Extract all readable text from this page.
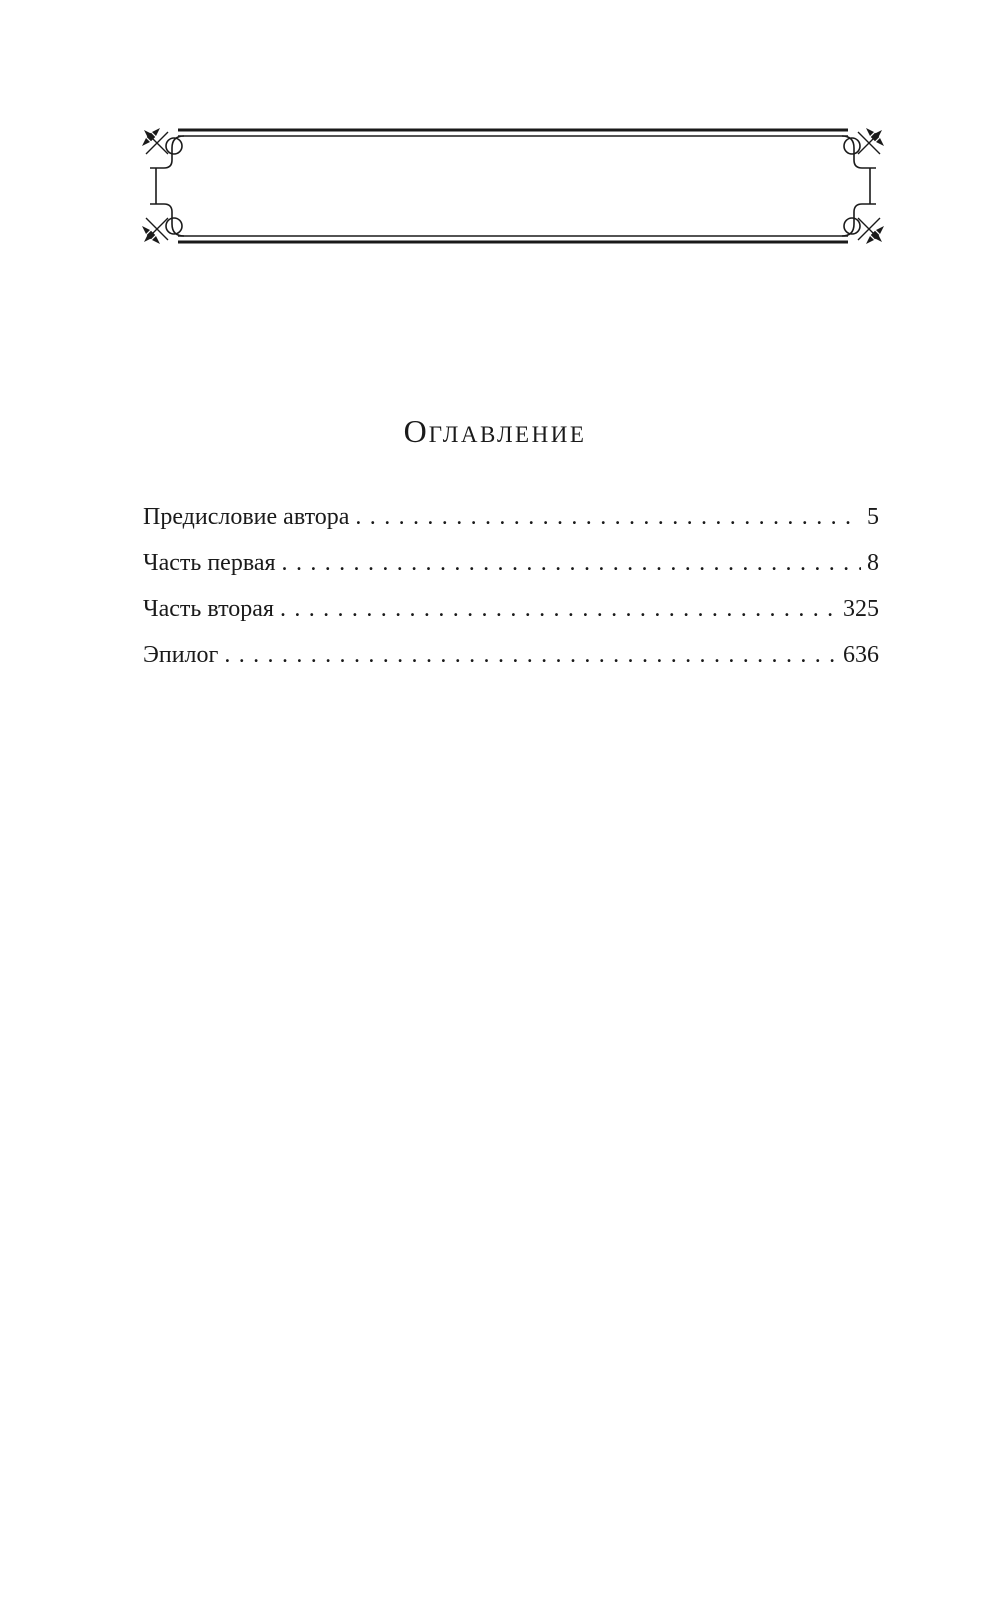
ОГЛАВЛЕНИЕ
Предисловие автора . . .	5
Часть первая . . .	8
Часть вторая . . .	325
Эпилог . . .	636
